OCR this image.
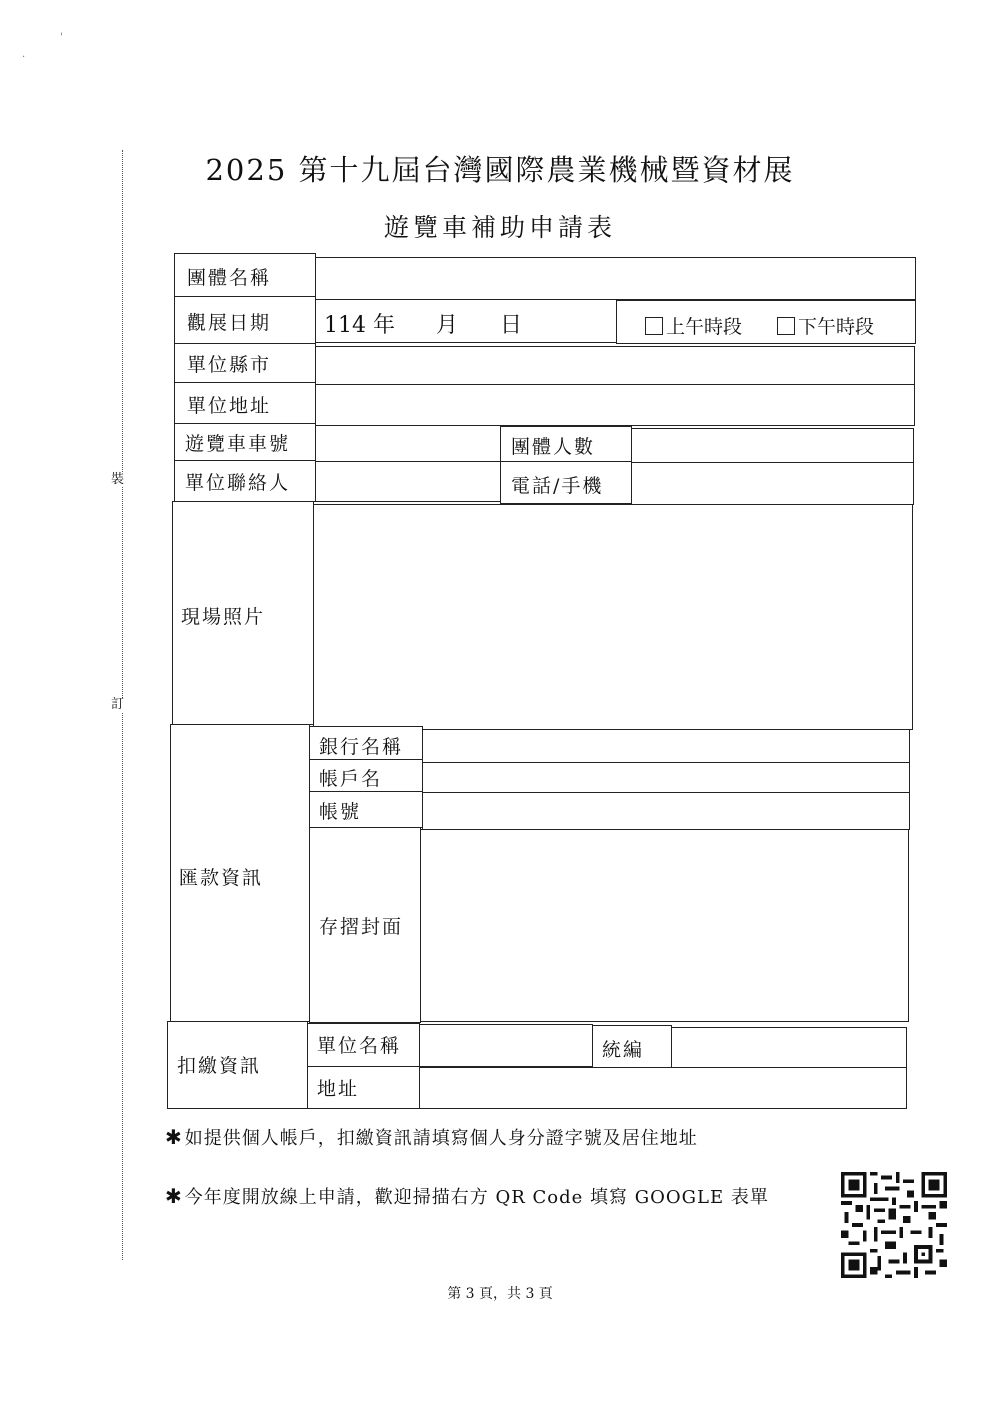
'
·
裝
訂
2025 第十九屆台灣國際農業機械暨資材展
遊覽車補助申請表
團體名稱
觀展日期 114 年 月 日	上午時段	下午時段
單位縣市
單位地址
遊覽車車號	團體人數
單位聯絡人	電話/手機
現場照片
匯款資訊
銀行名稱
帳戶名
帳號
存摺封面
扣繳資訊
單位名稱	統編
地址
✱ 如提供個人帳戶，扣繳資訊請填寫個人身分證字號及居住地址
✱ 今年度開放線上申請，歡迎掃描右方 QR Code 填寫 GOOGLE 表單
第 3 頁，共 3 頁
